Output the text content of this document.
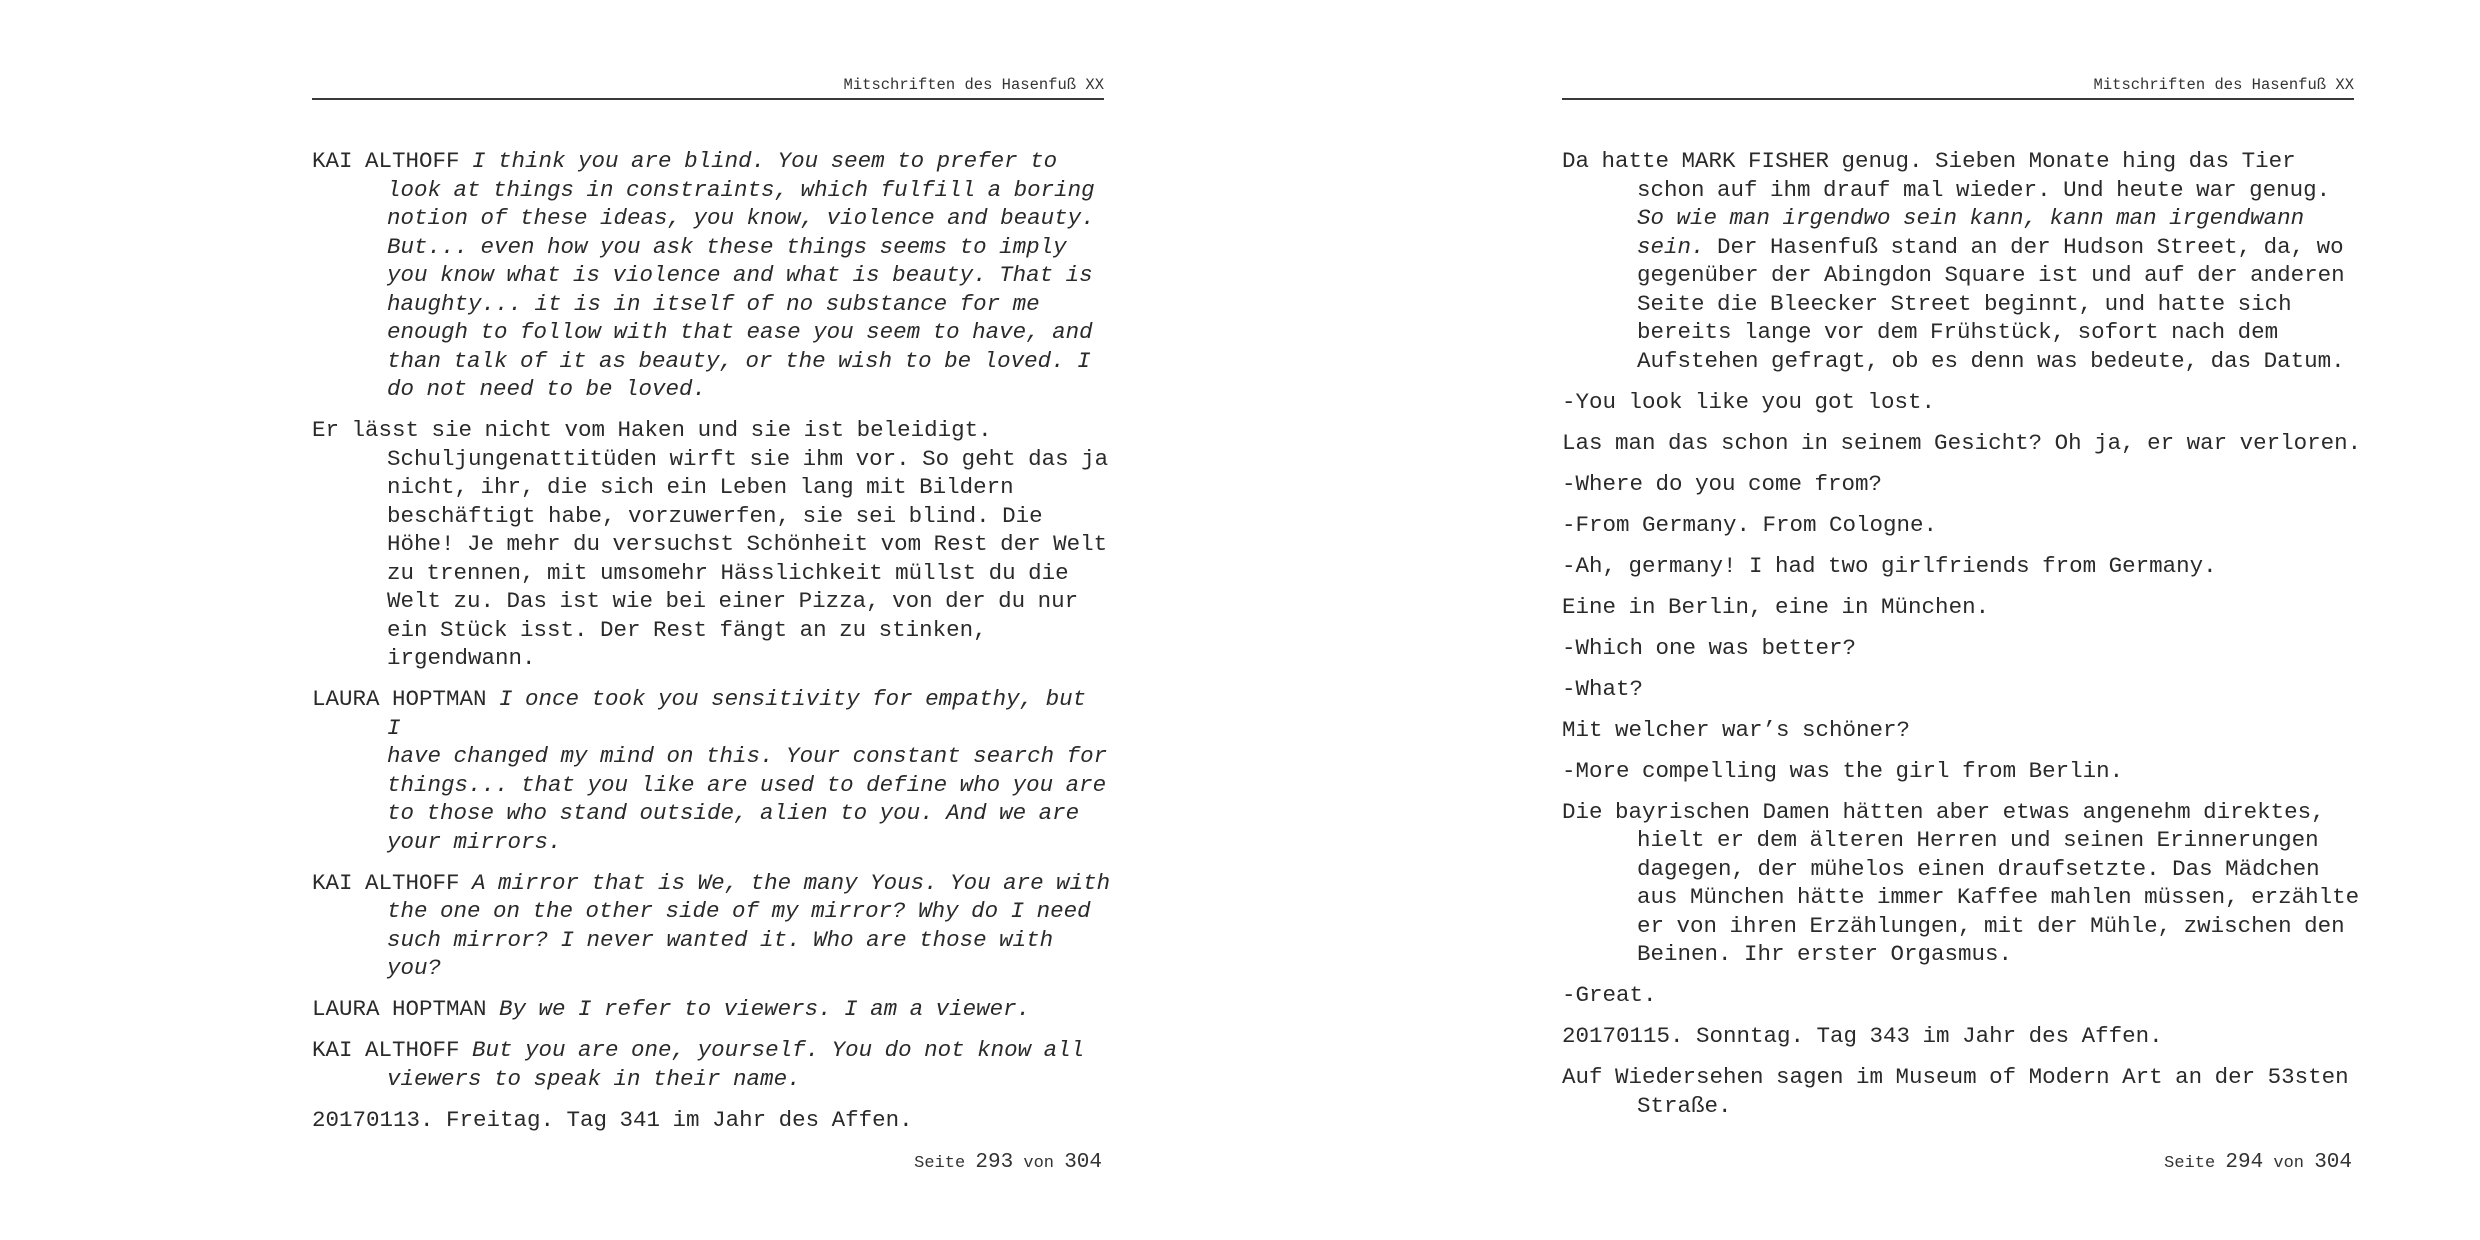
Mitschriften des Hasenfuß XX
KAI ALTHOFF I think you are blind. You seem to prefer to
look at things in constraints, which fulfill a boring
notion of these ideas, you know, violence and beauty.
But... even how you ask these things seems to imply
you know what is violence and what is beauty. That is
haughty... it is in itself of no substance for me
enough to follow with that ease you seem to have, and
than talk of it as beauty, or the wish to be loved. I
do not need to be loved.
Er lässt sie nicht vom Haken und sie ist beleidigt.
Schuljungenattitüden wirft sie ihm vor. So geht das ja
nicht, ihr, die sich ein Leben lang mit Bildern
beschäftigt habe, vorzuwerfen, sie sei blind. Die
Höhe! Je mehr du versuchst Schönheit vom Rest der Welt
zu trennen, mit umsomehr Hässlichkeit müllst du die
Welt zu. Das ist wie bei einer Pizza, von der du nur
ein Stück isst. Der Rest fängt an zu stinken,
irgendwann.
LAURA HOPTMAN I once took you sensitivity for empathy, but I
have changed my mind on this. Your constant search for
things... that you like are used to define who you are
to those who stand outside, alien to you. And we are
your mirrors.
KAI ALTHOFF A mirror that is We, the many Yous. You are with
the one on the other side of my mirror? Why do I need
such mirror? I never wanted it. Who are those with
you?
LAURA HOPTMAN By we I refer to viewers. I am a viewer.
KAI ALTHOFF But you are one, yourself. You do not know all
viewers to speak in their name.
20170113. Freitag. Tag 341 im Jahr des Affen.
Seite 293 von 304
Mitschriften des Hasenfuß XX
Da hatte MARK FISHER genug. Sieben Monate hing das Tier
schon auf ihm drauf mal wieder. Und heute war genug.
So wie man irgendwo sein kann, kann man irgendwann
sein. Der Hasenfuß stand an der Hudson Street, da, wo
gegenüber der Abingdon Square ist und auf der anderen
Seite die Bleecker Street beginnt, und hatte sich
bereits lange vor dem Frühstück, sofort nach dem
Aufstehen gefragt, ob es denn was bedeute, das Datum.
-You look like you got lost.
Las man das schon in seinem Gesicht? Oh ja, er war verloren.
-Where do you come from?
-From Germany. From Cologne.
-Ah, germany! I had two girlfriends from Germany.
Eine in Berlin, eine in München.
-Which one was better?
-What?
Mit welcher war’s schöner?
-More compelling was the girl from Berlin.
Die bayrischen Damen hätten aber etwas angenehm direktes,
hielt er dem älteren Herren und seinen Erinnerungen
dagegen, der mühelos einen draufsetzte. Das Mädchen
aus München hätte immer Kaffee mahlen müssen, erzählte
er von ihren Erzählungen, mit der Mühle, zwischen den
Beinen. Ihr erster Orgasmus.
-Great.
20170115. Sonntag. Tag 343 im Jahr des Affen.
Auf Wiedersehen sagen im Museum of Modern Art an der 53sten
Straße.
Seite 294 von 304
